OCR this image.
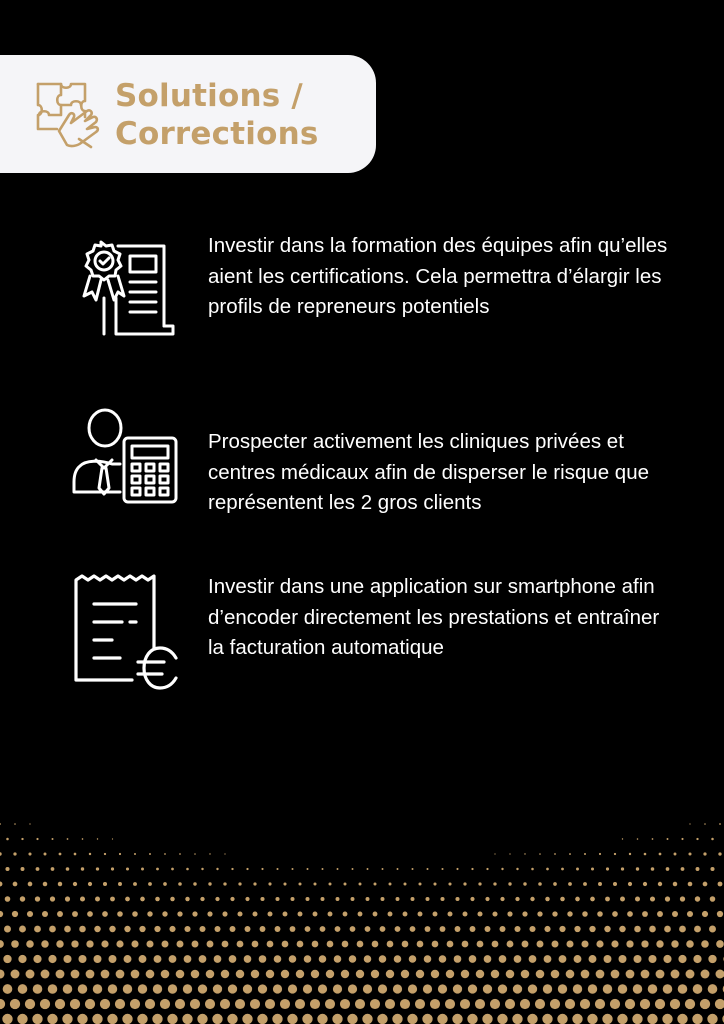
Solutions /
Corrections
Investir dans la formation des équipes afin qu’elles aient les certifications. Cela permettra d’élargir les profils de repreneurs potentiels
Prospecter activement les cliniques privées et centres médicaux afin de disperser le risque que représentent les 2 gros clients
Investir dans une application sur smartphone afin d’encoder directement les prestations et entraîner la facturation automatique
